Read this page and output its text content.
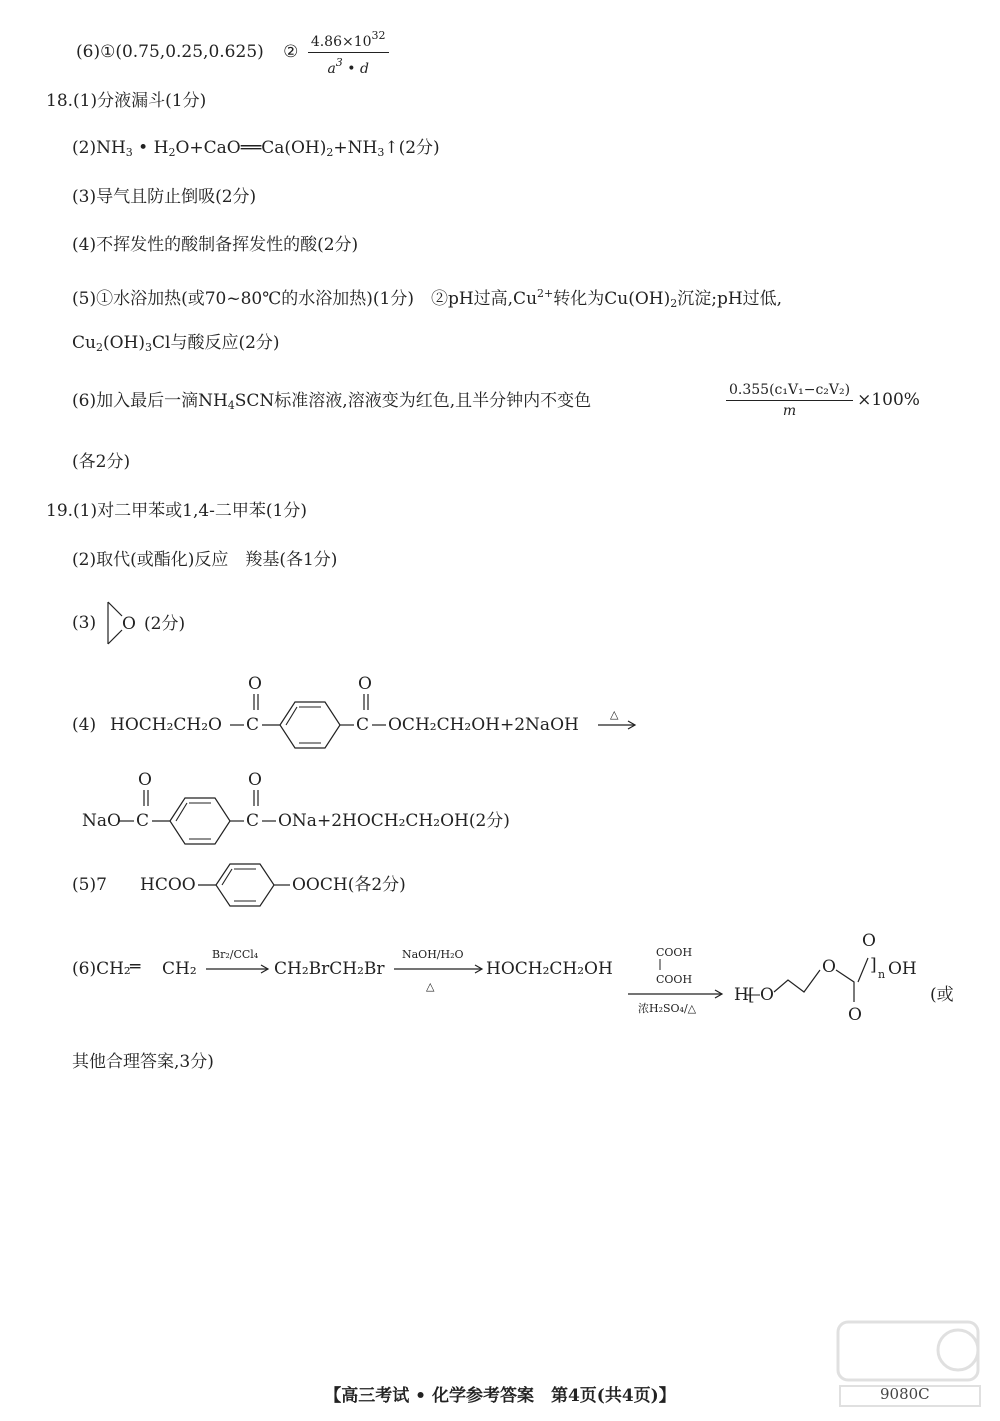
(6)①(0.75,0.25,0.625) ② $\frac{4.86\times 10^{32}}{a^3 • d}$
18.(1)分液漏斗(1分)
$(2)NH_3$ • $H_2O+CaO══Ca(OH)_2+NH_3↑(2$分)
(3)导气且防止倒吸(2分)
(4)不挥发性的酸制备挥发性的酸(2分)
(5)①水浴加热(或70~80℃的水浴加热)(1分)　②pH过高$,Cu^{2+}$转化为$Cu(OH)_2$沉淀;pH过低,
$Cu_2(OH)_3Cl$与酸反应(2分)
(6)加入最后一滴$NH_4SCN$标准溶液,溶液变为红色,且半分钟内不变色	$\frac{\text{0.355(c₁V₁−c₂V₂)}}{m} \times 100\%$
(各2分)
19.(1)对二甲苯或1,4-二甲苯(1分)
(2)取代(或酯化)反应　羧基(各1分)
(3) O (2分)
(4) HOCH₂CH₂O C
O
C
O
OCH₂CH₂OH+2NaOH
△
NaO C
O
C
O
ONa+2HOCH₂CH₂OH(2分)
(5)7 HCOO	OOCH(各2分)
(6)CH₂ ═ CH₂
Br₂/CCl₄
CH₂BrCH₂Br
NaOH/H₂O
△
HOCH₂CH₂OH
COOH
COOH
浓H₂SO₄/△
H [ O
O
O
O
] n OH
(或
其他合理答案,3分)
【高三考试 • 化学参考答案　第4页(共4页)】	9080C
